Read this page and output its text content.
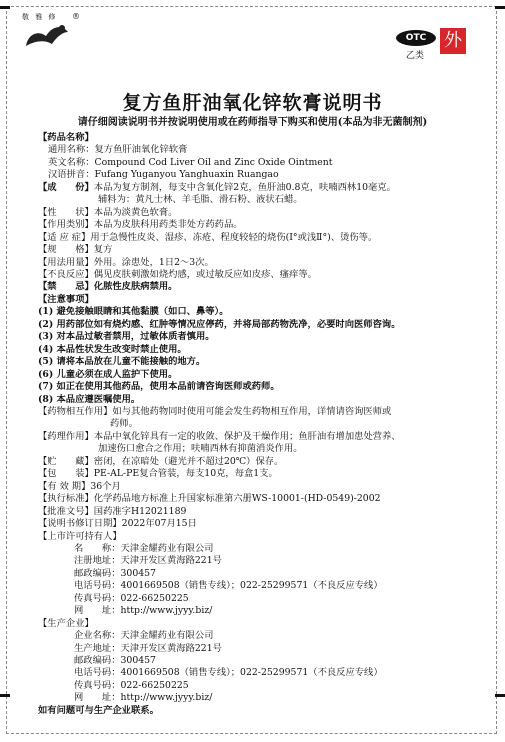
敬 雅 修 ®
OTC
乙类
外
复方鱼肝油氧化锌软膏说明书
请仔细阅读说明书并按说明使用或在药师指导下购买和使用(本品为非无菌制剂)
【药品名称】
通用名称：复方鱼肝油氧化锌软膏
英文名称：Compound Cod Liver Oil and Zinc Oxide Ointment
汉语拼音：Fufang Yuganyou Yanghuaxin Ruangao
【成　　份】本品为复方制剂，每支中含氧化锌2克，鱼肝油0.8克，呋喃西林10毫克。
辅料为：黄凡士林、羊毛脂、滑石粉、液状石蜡。
【性　　状】本品为淡黄色软膏。
【作用类别】本品为皮肤科用药类非处方药药品。
【适 应 症】用于急慢性皮炎、湿疹、冻疮、程度较轻的烧伤(Ⅰ°或浅Ⅱ°)、烫伤等。
【规　　格】复方
【用法用量】外用。涂患处，1日2～3次。
【不良反应】偶见皮肤刺激如烧灼感，或过敏反应如皮疹、瘙痒等。
【禁　　忌】化脓性皮肤病禁用。
【注意事项】
(1) 避免接触眼睛和其他黏膜（如口、鼻等）。
(2) 用药部位如有烧灼感、红肿等情况应停药，并将局部药物洗净，必要时向医师咨询。
(3) 对本品过敏者禁用，过敏体质者慎用。
(4) 本品性状发生改变时禁止使用。
(5) 请将本品放在儿童不能接触的地方。
(6) 儿童必须在成人监护下使用。
(7) 如正在使用其他药品，使用本品前请咨询医师或药师。
(8) 本品应遵医嘱使用。
【药物相互作用】如与其他药物同时使用可能会发生药物相互作用，详情请咨询医师或
药师。
【药理作用】本品中氧化锌具有一定的收敛、保护及干燥作用；鱼肝油有增加患处营养、
加速伤口愈合之作用；呋喃西林有抑菌消炎作用。
【贮　　藏】密闭，在凉暗处（避光并不超过20℃）保存。
【包　　装】PE-AL-PE复合管装，每支10克，每盒1支。
【有 效 期】36个月
【执行标准】化学药品地方标准上升国家标准第六册WS-10001-(HD-0549)-2002
【批准文号】国药准字H12021189
【说明书修订日期】2022年07月15日
【上市许可持有人】
名　　称：天津金耀药业有限公司
注册地址：天津开发区黄海路221号
邮政编码：300457
电话号码：4001669508（销售专线）；022-25299571（不良反应专线）
传真号码：022-66250225
网　　址：http://www.jyyy.biz/
【生产企业】
企业名称：天津金耀药业有限公司
生产地址：天津开发区黄海路221号
邮政编码：300457
电话号码：4001669508（销售专线）；022-25299571（不良反应专线）
传真号码：022-66250225
网　　址：http://www.jyyy.biz/
如有问题可与生产企业联系。
